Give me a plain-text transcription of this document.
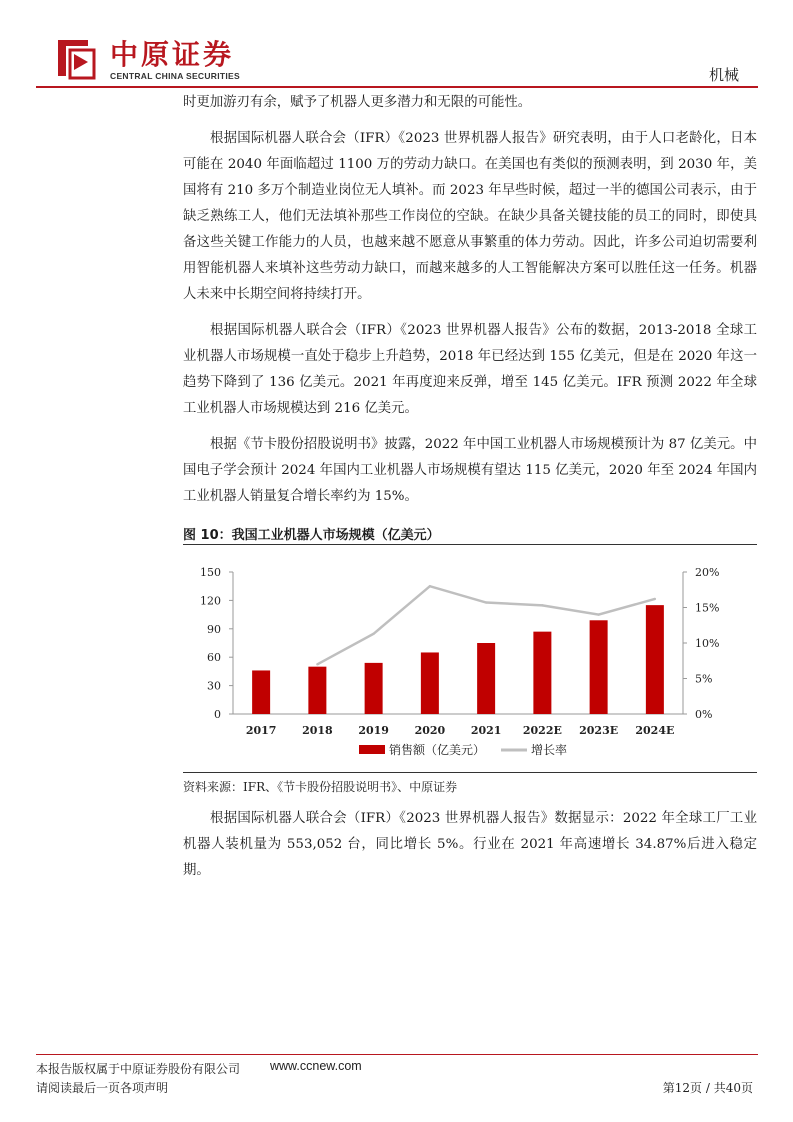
中原证券
CENTRAL CHINA SECURITIES	机械

时更加游刃有余，赋予了机器人更多潜力和无限的可能性。

根据国际机器人联合会（IFR）《2023 世界机器人报告》研究表明，由于人口老龄化，日本可能在 2040 年面临超过 1100 万的劳动力缺口。在美国也有类似的预测表明，到 2030 年，美国将有 210 多万个制造业岗位无人填补。而 2023 年早些时候，超过一半的德国公司表示，由于缺乏熟练工人，他们无法填补那些工作岗位的空缺。在缺少具备关键技能的员工的同时，即使具备这些关键工作能力的人员，也越来越不愿意从事繁重的体力劳动。因此，许多公司迫切需要利用智能机器人来填补这些劳动力缺口，而越来越多的人工智能解决方案可以胜任这一任务。机器人未来中长期空间将持续打开。

根据国际机器人联合会（IFR）《2023 世界机器人报告》公布的数据，2013-2018 全球工业机器人市场规模一直处于稳步上升趋势，2018 年已经达到 155 亿美元，但是在 2020 年这一趋势下降到了 136 亿美元。2021 年再度迎来反弹，增至 145 亿美元。IFR 预测 2022 年全球工业机器人市场规模达到 216 亿美元。

根据《节卡股份招股说明书》披露，2022 年中国工业机器人市场规模预计为 87 亿美元。中国电子学会预计 2024 年国内工业机器人市场规模有望达 115 亿美元，2020 年至 2024 年国内工业机器人销量复合增长率约为 15%。

图 10：我国工业机器人市场规模（亿美元）
0
30
60
90
120
150
0%
5%
10%
15%
20%
2017 2018 2019 2020 2021 2022E 2023E 2024E
销售额（亿美元）	增长率
资料来源：IFR、《节卡股份招股说明书》、中原证券

根据国际机器人联合会（IFR）《2023 世界机器人报告》数据显示：2022 年全球工厂工业机器人装机量为 553,052 台，同比增长 5%。行业在 2021 年高速增长 34.87%后进入稳定期。

本报告版权属于中原证券股份有限公司 www.ccnew.com
请阅读最后一页各项声明	第12页 / 共40页
